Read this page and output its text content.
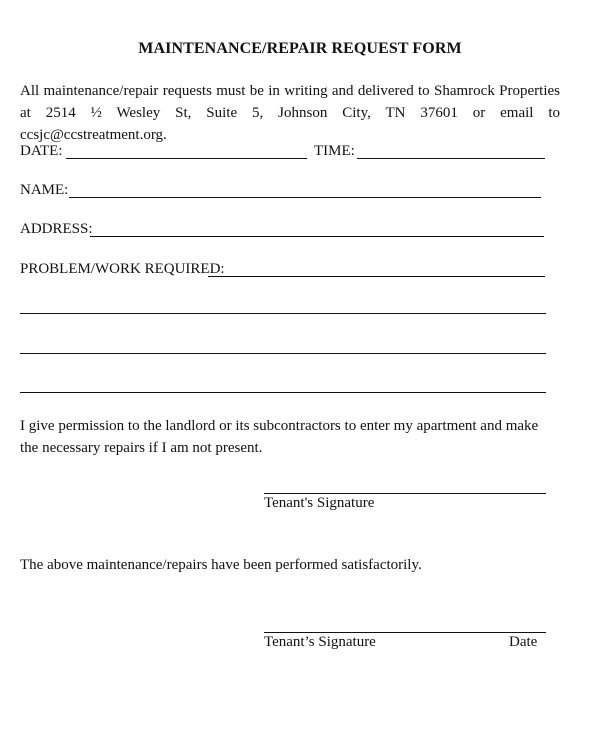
MAINTENANCE/REPAIR REQUEST FORM
All maintenance/repair requests must be in writing and delivered to Shamrock Properties at 2514 ½ Wesley St, Suite 5, Johnson City, TN 37601 or email to ccsjc@ccstreatment.org.
DATE:	TIME:
NAME:
ADDRESS:
PROBLEM/WORK REQUIRED:
I give permission to the landlord or its subcontractors to enter my apartment and make the necessary repairs if I am not present.
Tenant's Signature
The above maintenance/repairs have been performed satisfactorily.
Tenant’s Signature	Date
